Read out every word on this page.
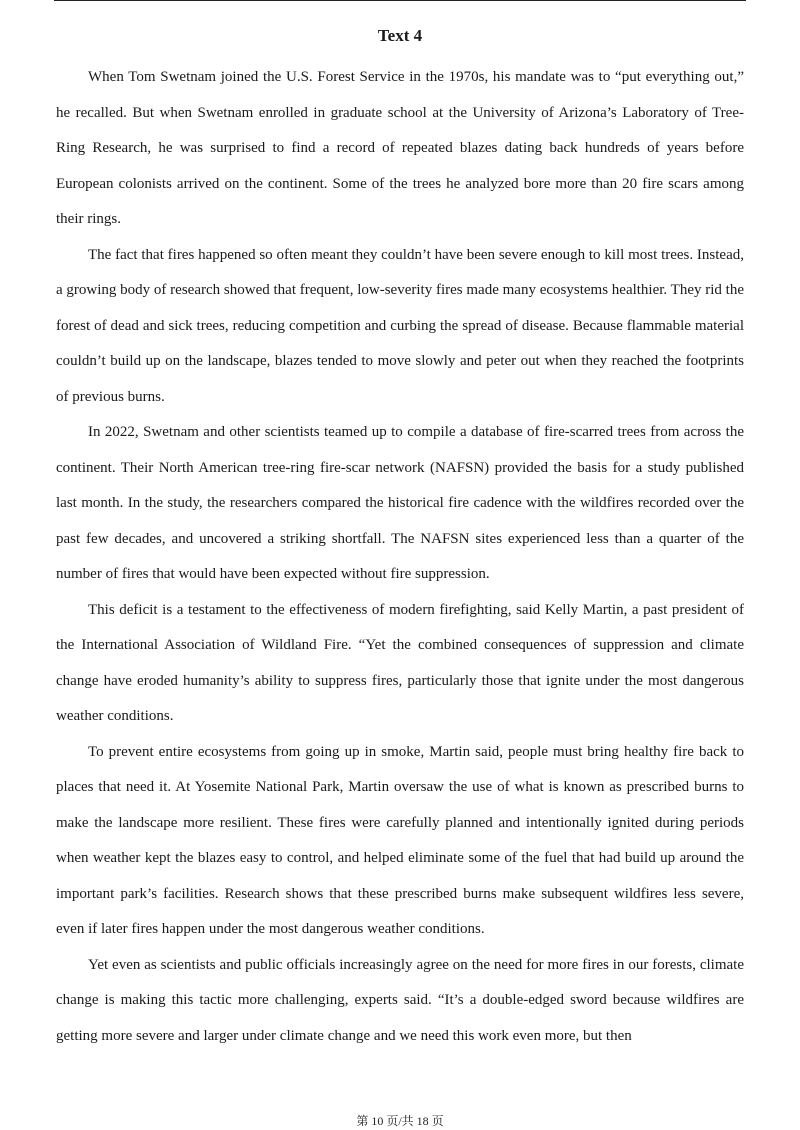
Text 4

When Tom Swetnam joined the U.S. Forest Service in the 1970s, his mandate was to “put everything out,” he recalled. But when Swetnam enrolled in graduate school at the University of Arizona’s Laboratory of Tree-Ring Research, he was surprised to find a record of repeated blazes dating back hundreds of years before European colonists arrived on the continent. Some of the trees he analyzed bore more than 20 fire scars among their rings.

The fact that fires happened so often meant they couldn’t have been severe enough to kill most trees. Instead, a growing body of research showed that frequent, low-severity fires made many ecosystems healthier. They rid the forest of dead and sick trees, reducing competition and curbing the spread of disease. Because flammable material couldn’t build up on the landscape, blazes tended to move slowly and peter out when they reached the footprints of previous burns.

In 2022, Swetnam and other scientists teamed up to compile a database of fire-scarred trees from across the continent. Their North American tree-ring fire-scar network (NAFSN) provided the basis for a study published last month. In the study, the researchers compared the historical fire cadence with the wildfires recorded over the past few decades, and uncovered a striking shortfall. The NAFSN sites experienced less than a quarter of the number of fires that would have been expected without fire suppression.

This deficit is a testament to the effectiveness of modern firefighting, said Kelly Martin, a past president of the International Association of Wildland Fire. “Yet the combined consequences of suppression and climate change have eroded humanity’s ability to suppress fires, particularly those that ignite under the most dangerous weather conditions.

To prevent entire ecosystems from going up in smoke, Martin said, people must bring healthy fire back to places that need it. At Yosemite National Park, Martin oversaw the use of what is known as prescribed burns to make the landscape more resilient. These fires were carefully planned and intentionally ignited during periods when weather kept the blazes easy to control, and helped eliminate some of the fuel that had build up around the important park’s facilities. Research shows that these prescribed burns make subsequent wildfires less severe, even if later fires happen under the most dangerous weather conditions.

Yet even as scientists and public officials increasingly agree on the need for more fires in our forests, climate change is making this tactic more challenging, experts said. “It’s a double-edged sword because wildfires are getting more severe and larger under climate change and we need this work even more, but then

第 10 页/共 18 页
